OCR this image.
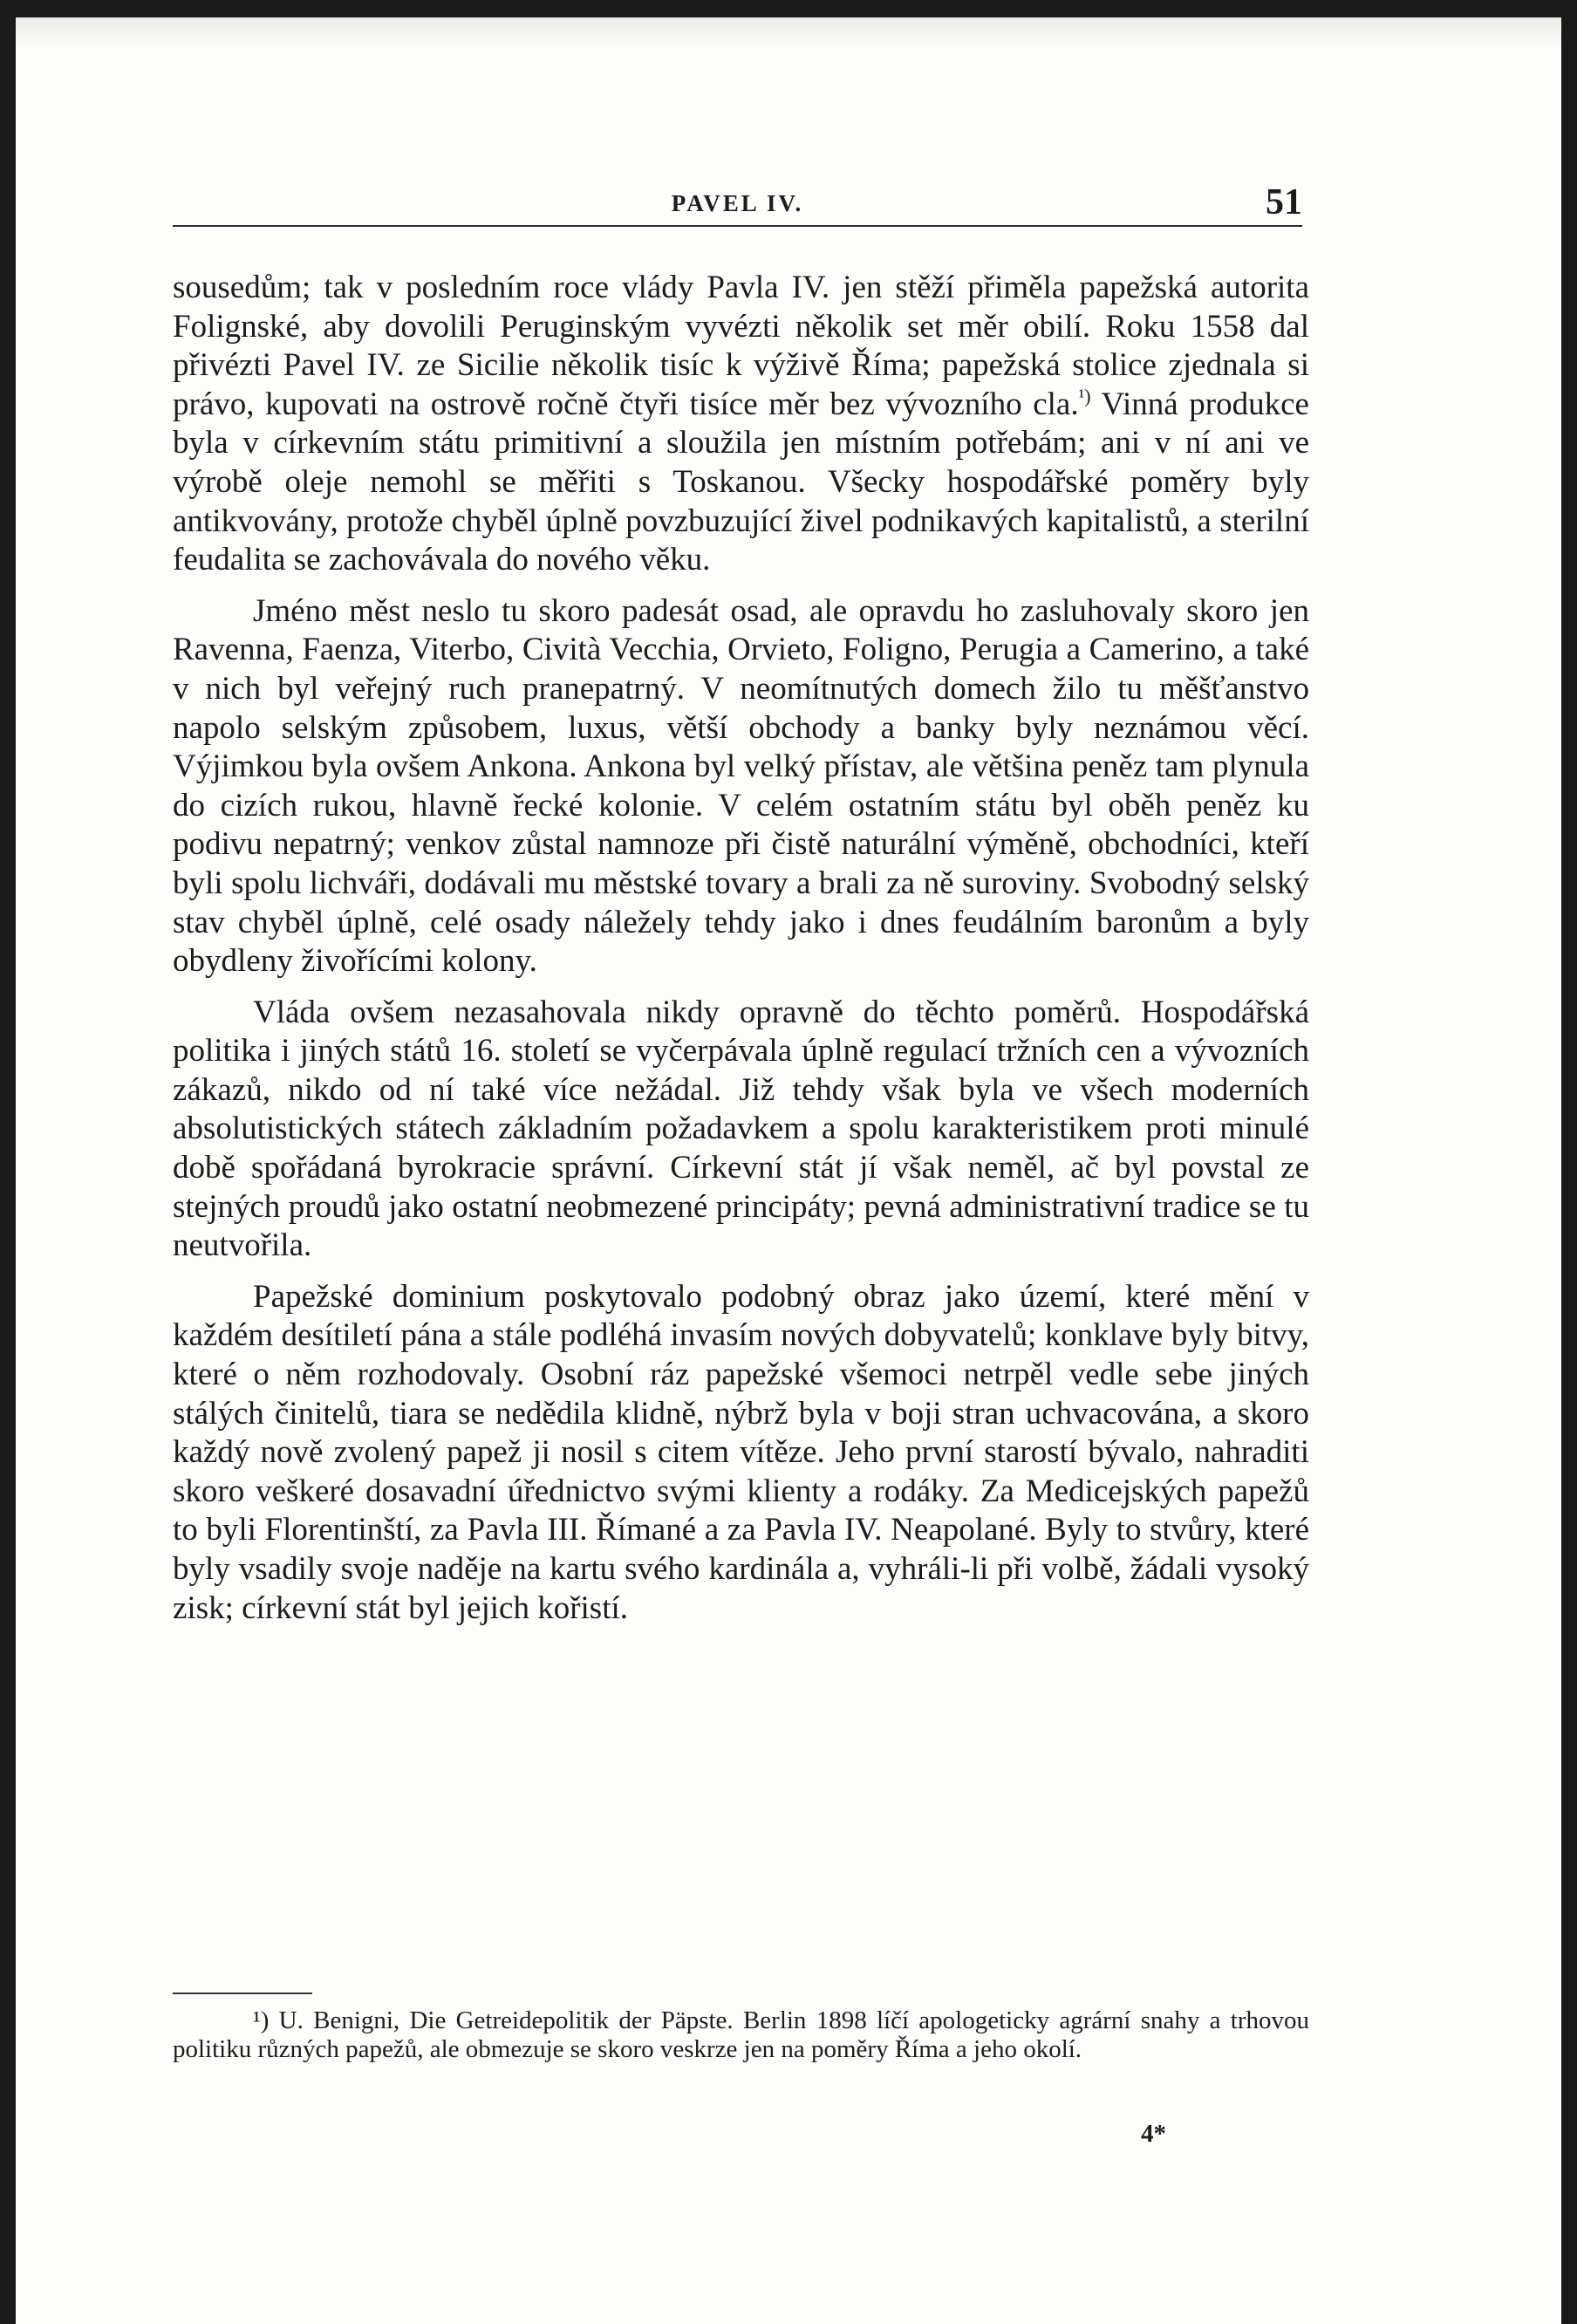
PAVEL IV.	51

sousedům; tak v posledním roce vlády Pavla IV. jen stěží přiměla papežská autorita Folignské, aby dovolili Peruginským vyvézti několik set měr obilí. Roku 1558 dal přivézti Pavel IV. ze Sicilie několik tisíc k výživě Říma; papežská stolice zjednala si právo, kupovati na ostrově ročně čtyři tisíce měr bez vývozního cla.$^{^1)}$ Vinná produkce byla v církevním státu primitivní a sloužila jen místním potřebám; ani v ní ani ve výrobě oleje nemohl se měřiti s Toskanou. Všecky hospodářské poměry byly antikvovány, protože chyběl úplně povzbuzující živel podnikavých kapitalistů, a sterilní feudalita se zachovávala do nového věku.

Jméno měst neslo tu skoro padesát osad, ale opravdu ho zasluhovaly skoro jen Ravenna, Faenza, Viterbo, Cività Vecchia, Orvieto, Foligno, Perugia a Camerino, a také v nich byl veřejný ruch pranepatrný. V neomítnutých domech žilo tu měšťanstvo napolo selským způsobem, luxus, větší obchody a banky byly neznámou věcí. Výjimkou byla ovšem Ankona. Ankona byl velký přístav, ale většina peněz tam plynula do cizích rukou, hlavně řecké kolonie. V celém ostatním státu byl oběh peněz ku podivu nepatrný; venkov zůstal namnoze při čistě naturální výměně, obchodníci, kteří byli spolu lichváři, dodávali mu městské tovary a brali za ně suroviny. Svobodný selský stav chyběl úplně, celé osady náležely tehdy jako i dnes feudálním baronům a byly obydleny živořícími kolony.

Vláda ovšem nezasahovala nikdy opravně do těchto poměrů. Hospodářská politika i jiných států 16. století se vyčerpávala úplně regulací tržních cen a vývozních zákazů, nikdo od ní také více nežádal. Již tehdy však byla ve všech moderních absolutistických státech základním požadavkem a spolu karakteristikem proti minulé době spořádaná byrokracie správní. Církevní stát jí však neměl, ač byl povstal ze stejných proudů jako ostatní neobmezené principáty; pevná administrativní tradice se tu neutvořila.

Papežské dominium poskytovalo podobný obraz jako území, které mění v každém desítiletí pána a stále podléhá invasím nových dobyvatelů; konklave byly bitvy, které o něm rozhodovaly. Osobní ráz papežské všemoci netrpěl vedle sebe jiných stálých činitelů, tiara se nedědila klidně, nýbrž byla v boji stran uchvacována, a skoro každý nově zvolený papež ji nosil s citem vítěze. Jeho první starostí bývalo, nahraditi skoro veškeré dosavadní úřednictvo svými klienty a rodáky. Za Medicejských papežů to byli Florentinští, za Pavla III. Římané a za Pavla IV. Neapolané. Byly to stvůry, které byly vsadily svoje naděje na kartu svého kardinála a, vyhráli-li při volbě, žádali vysoký zisk; církevní stát byl jejich kořistí.

¹) U. Benigni, Die Getreidepolitik der Päpste. Berlin 1898 líčí apologeticky agrární snahy a trhovou politiku různých papežů, ale obmezuje se skoro veskrze jen na poměry Říma a jeho okolí.
4*
